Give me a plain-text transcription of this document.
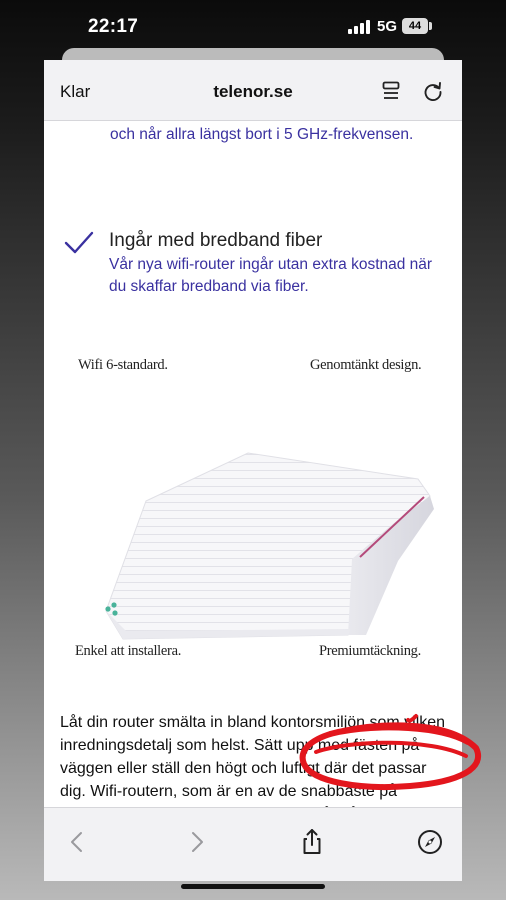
22:17	5G	44
Klar	telenor.se
och når allra längst bort i 5 GHz-frekvensen.
Ingår med bredband fiber
Vår nya wifi-router ingår utan extra kostnad när du skaffar bredband via fiber.
Wifi 6-standard.	Genomtänkt design.
Enkel att installera.	Premiumtäckning.
Låt din router smälta in bland kontorsmiljön som vilken inredningsdetalj som helst. Sätt upp med fästen på väggen eller ställ den högt och luftigt där det passar dig. Wifi-routern, som är en av de snabbaste på
